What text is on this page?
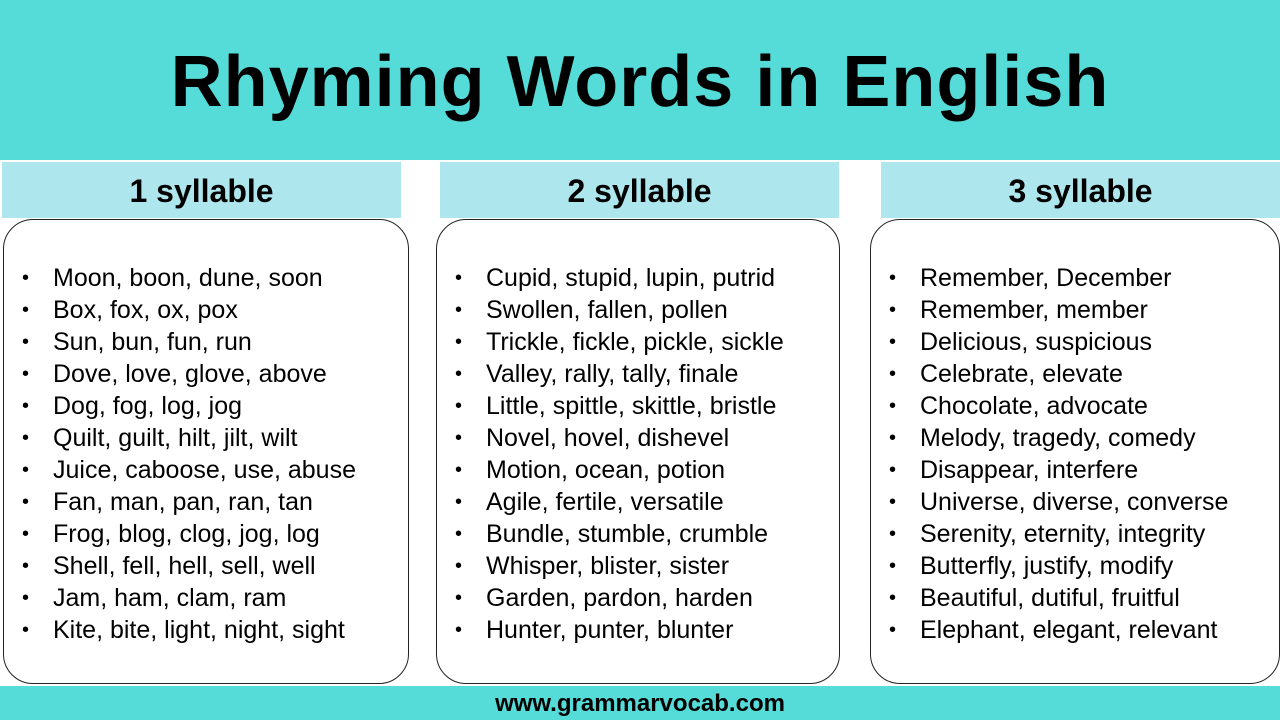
Rhyming Words in English
1 syllable	2 syllable	3 syllable
• Moon, boon, dune, soon
• Box, fox, ox, pox
• Sun, bun, fun, run
• Dove, love, glove, above
• Dog, fog, log, jog
• Quilt, guilt, hilt, jilt, wilt
• Juice, caboose, use, abuse
• Fan, man, pan, ran, tan
• Frog, blog, clog, jog, log
• Shell, fell, hell, sell, well
• Jam, ham, clam, ram
• Kite, bite, light, night, sight
• Cupid, stupid, lupin, putrid
• Swollen, fallen, pollen
• Trickle, fickle, pickle, sickle
• Valley, rally, tally, finale
• Little, spittle, skittle, bristle
• Novel, hovel, dishevel
• Motion, ocean, potion
• Agile, fertile, versatile
• Bundle, stumble, crumble
• Whisper, blister, sister
• Garden, pardon, harden
• Hunter, punter, blunter
• Remember, December
• Remember, member
• Delicious, suspicious
• Celebrate, elevate
• Chocolate, advocate
• Melody, tragedy, comedy
• Disappear, interfere
• Universe, diverse, converse
• Serenity, eternity, integrity
• Butterfly, justify, modify
• Beautiful, dutiful, fruitful
• Elephant, elegant, relevant
www.grammarvocab.com
